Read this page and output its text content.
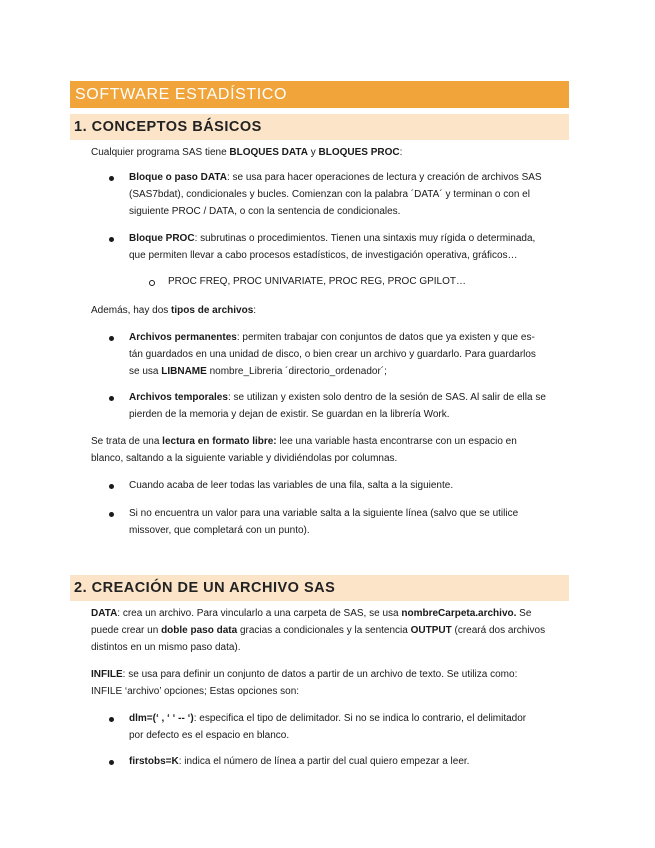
SOFTWARE ESTADÍSTICO
1. CONCEPTOS BÁSICOS

Cualquier programa SAS tiene BLOQUES DATA y BLOQUES PROC:

Bloque o paso DATA: se usa para hacer operaciones de lectura y creación de archivos SAS
(SAS7bdat), condicionales y bucles. Comienzan con la palabra ´DATA´ y terminan o con el
siguiente PROC / DATA, o con la sentencia de condicionales.
Bloque PROC: subrutinas o procedimientos. Tienen una sintaxis muy rígida o determinada,
que permiten llevar a cabo procesos estadísticos, de investigación operativa, gráficos…
PROC FREQ, PROC UNIVARIATE, PROC REG, PROC GPILOT…

Además, hay dos tipos de archivos:

Archivos permanentes: permiten trabajar con conjuntos de datos que ya existen y que es-
tán guardados en una unidad de disco, o bien crear un archivo y guardarlo. Para guardarlos
se usa LIBNAME nombre_Libreria ´directorio_ordenador´;
Archivos temporales: se utilizan y existen solo dentro de la sesión de SAS. Al salir de ella se
pierden de la memoria y dejan de existir. Se guardan en la librería Work.

Se trata de una lectura en formato libre: lee una variable hasta encontrarse con un espacio en
blanco, saltando a la siguiente variable y dividiéndolas por columnas.

Cuando acaba de leer todas las variables de una fila, salta a la siguiente.
Si no encuentra un valor para una variable salta a la siguiente línea (salvo que se utilice
missover, que completará con un punto).
2. CREACIÓN DE UN ARCHIVO SAS

DATA: crea un archivo. Para vincularlo a una carpeta de SAS, se usa nombreCarpeta.archivo. Se
puede crear un doble paso data gracias a condicionales y la sentencia OUTPUT (creará dos archivos
distintos en un mismo paso data).

INFILE: se usa para definir un conjunto de datos a partir de un archivo de texto. Se utiliza como:
INFILE ‘archivo’ opciones; Estas opciones son:

dlm=(‘ , ‘ ‘ -- ‘): especifica el tipo de delimitador. Si no se indica lo contrario, el delimitador
por defecto es el espacio en blanco.
firstobs=K: indica el número de línea a partir del cual quiero empezar a leer.
